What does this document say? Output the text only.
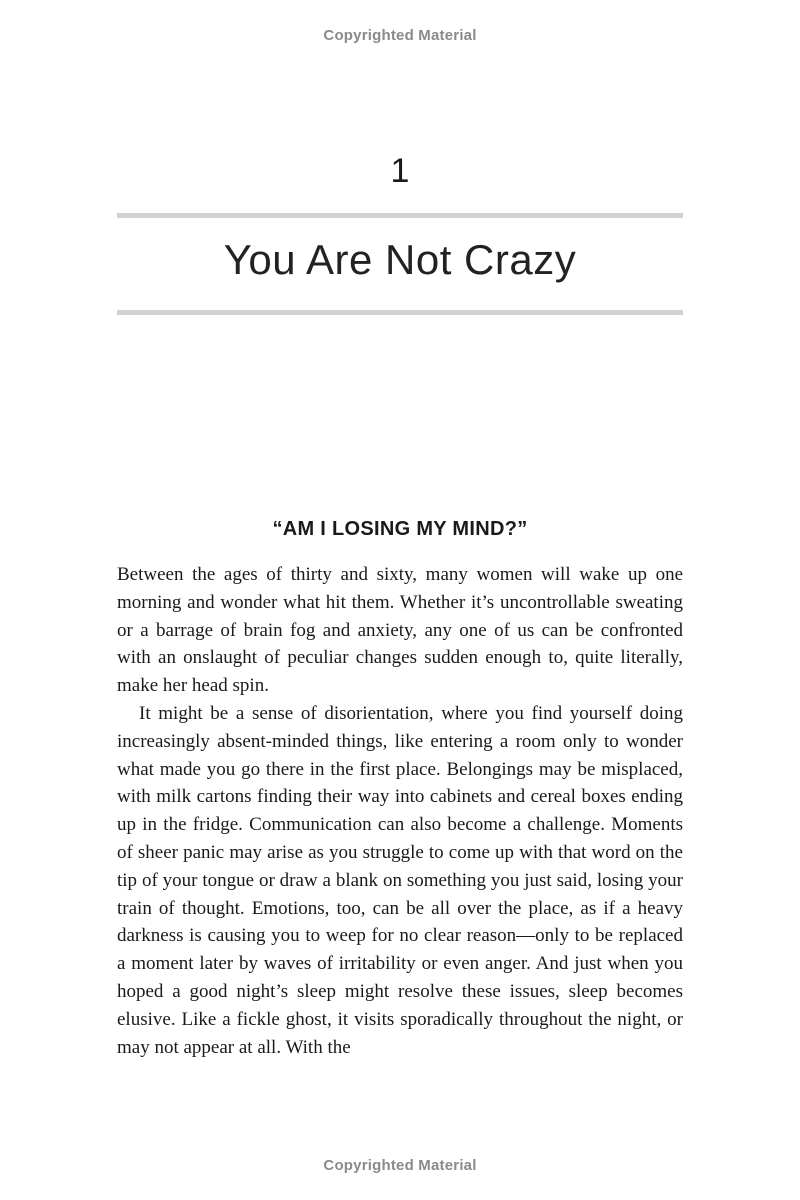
Copyrighted Material
1
You Are Not Crazy
“AM I LOSING MY MIND?”

Between the ages of thirty and sixty, many women will wake up one morning and wonder what hit them. Whether it’s uncontrollable sweating or a barrage of brain fog and anxiety, any one of us can be confronted with an onslaught of peculiar changes sudden enough to, quite literally, make her head spin.

It might be a sense of disorientation, where you find yourself doing increasingly absent-minded things, like entering a room only to wonder what made you go there in the first place. Belongings may be misplaced, with milk cartons finding their way into cabinets and cereal boxes ending up in the fridge. Communication can also become a challenge. Moments of sheer panic may arise as you struggle to come up with that word on the tip of your tongue or draw a blank on something you just said, losing your train of thought. Emotions, too, can be all over the place, as if a heavy darkness is causing you to weep for no clear reason—only to be replaced a moment later by waves of irritability or even anger. And just when you hoped a good night’s sleep might resolve these issues, sleep becomes elusive. Like a fickle ghost, it visits sporadically throughout the night, or may not appear at all. With the

Copyrighted Material
